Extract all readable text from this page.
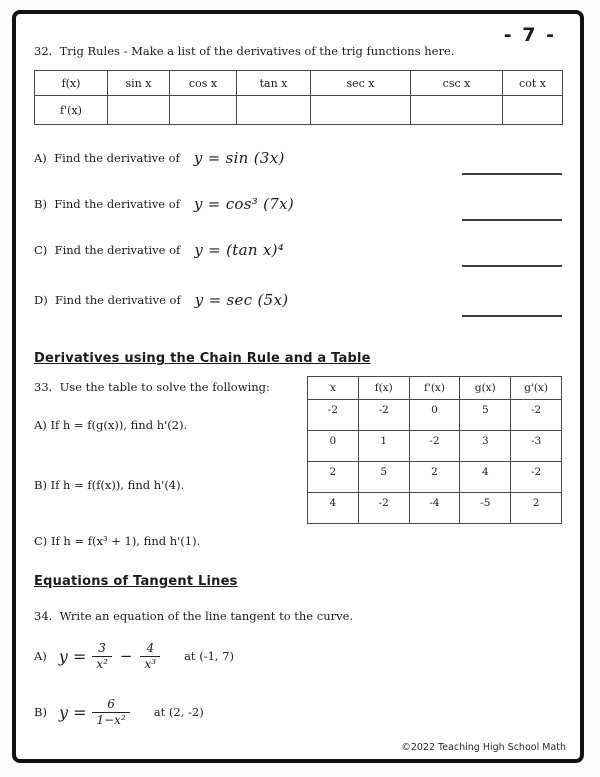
- 7 -
32.  Trig Rules - Make a list of the derivatives of the trig functions here.
f(x)	sin x	cos x	tan x	sec x	csc x	cot x
f'(x)						
A)  Find the derivative of y = sin (3x)
B)  Find the derivative of y = cos³ (7x)
C)  Find the derivative of y = (tan x)⁴
D)  Find the derivative of y = sec (5x)
Derivatives using the Chain Rule and a Table
x	f(x)	f'(x)	g(x)	g'(x)
-2	-2	0	5	-2
0	1	-2	3	-3
2	5	2	4	-2
4	-2	-4	-5	2
33.  Use the table to solve the following:
A) If h = f(g(x)), find h'(2).
B) If h = f(f(x)), find h'(4).
C) If h = f(x³ + 1), find h'(1).
Equations of Tangent Lines
34.  Write an equation of the line tangent to the curve.
A) $y = \frac{3}{\text{x²}} - \frac{4}{\text{x³}}$ at (-1, 7)
B) $y = \frac{6}{\text{1−x²}}$ at (2, -2)
©2022 Teaching High School Math
